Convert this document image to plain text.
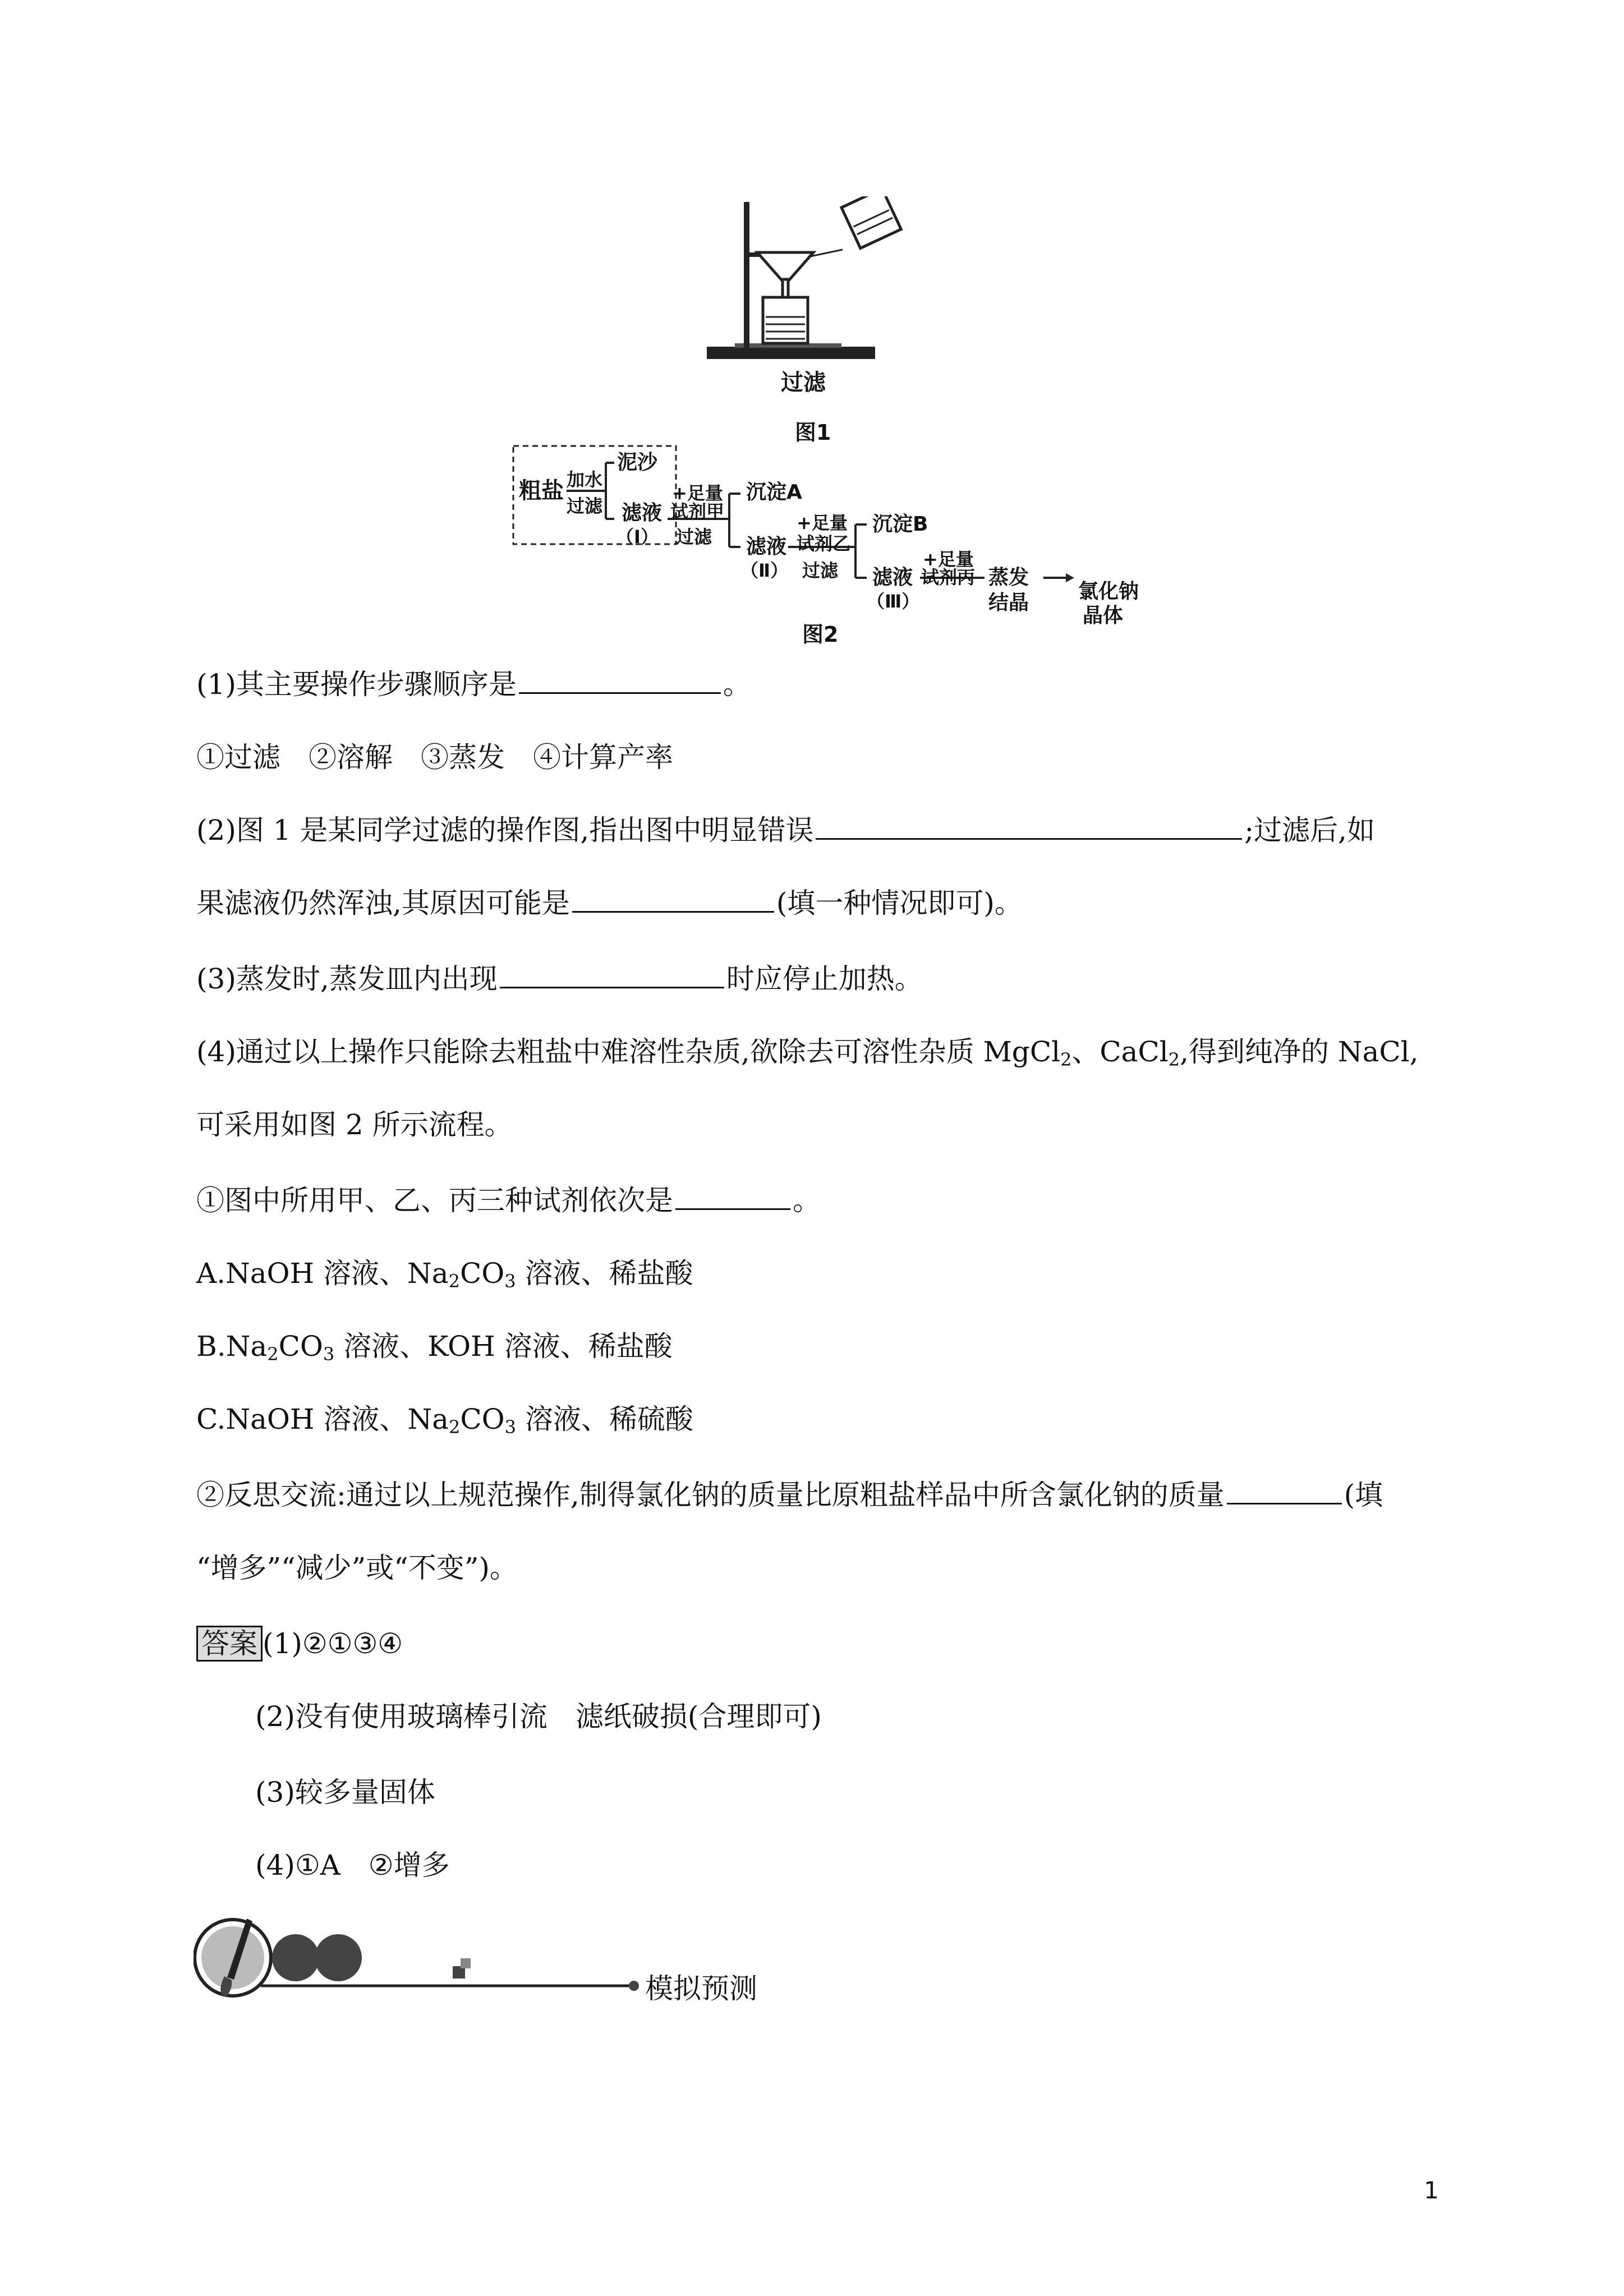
过滤
图1
粗盐 加水
过滤
泥沙
滤液
（Ⅰ）
+足量
试剂甲
过滤
沉淀A
滤液
（Ⅱ）
+足量
试剂乙
过滤
沉淀B
滤液
（Ⅲ）
+足量
试剂丙 蒸发
结晶 氯化钠
晶体
图2
(1)其主要操作步骤顺序是	。
①过滤　②溶解　③蒸发　④计算产率
(2)图 1 是某同学过滤的操作图,指出图中明显错误	;过滤后,如
果滤液仍然浑浊,其原因可能是	(填一种情况即可)。
(3)蒸发时,蒸发皿内出现	时应停止加热。
(4)通过以上操作只能除去粗盐中难溶性杂质,欲除去可溶性杂质 MgCl$_2$、CaCl$_2$,得到纯净的 NaCl,
可采用如图 2 所示流程。
①图中所用甲、乙、丙三种试剂依次是	。
A.NaOH 溶液、$Na_2CO_3$ 溶液、稀盐酸
$B.Na_2CO_3$ 溶液、KOH 溶液、稀盐酸
C.NaOH 溶液、$Na_2CO_3$ 溶液、稀硫酸
②反思交流:通过以上规范操作,制得氯化钠的质量比原粗盐样品中所含氯化钠的质量	(填
“增多”“减少”或“不变”)。
答案 (1)②①③④
(2)没有使用玻璃棒引流　滤纸破损(合理即可)
(3)较多量固体
(4)①A　②增多
模拟预测
1
